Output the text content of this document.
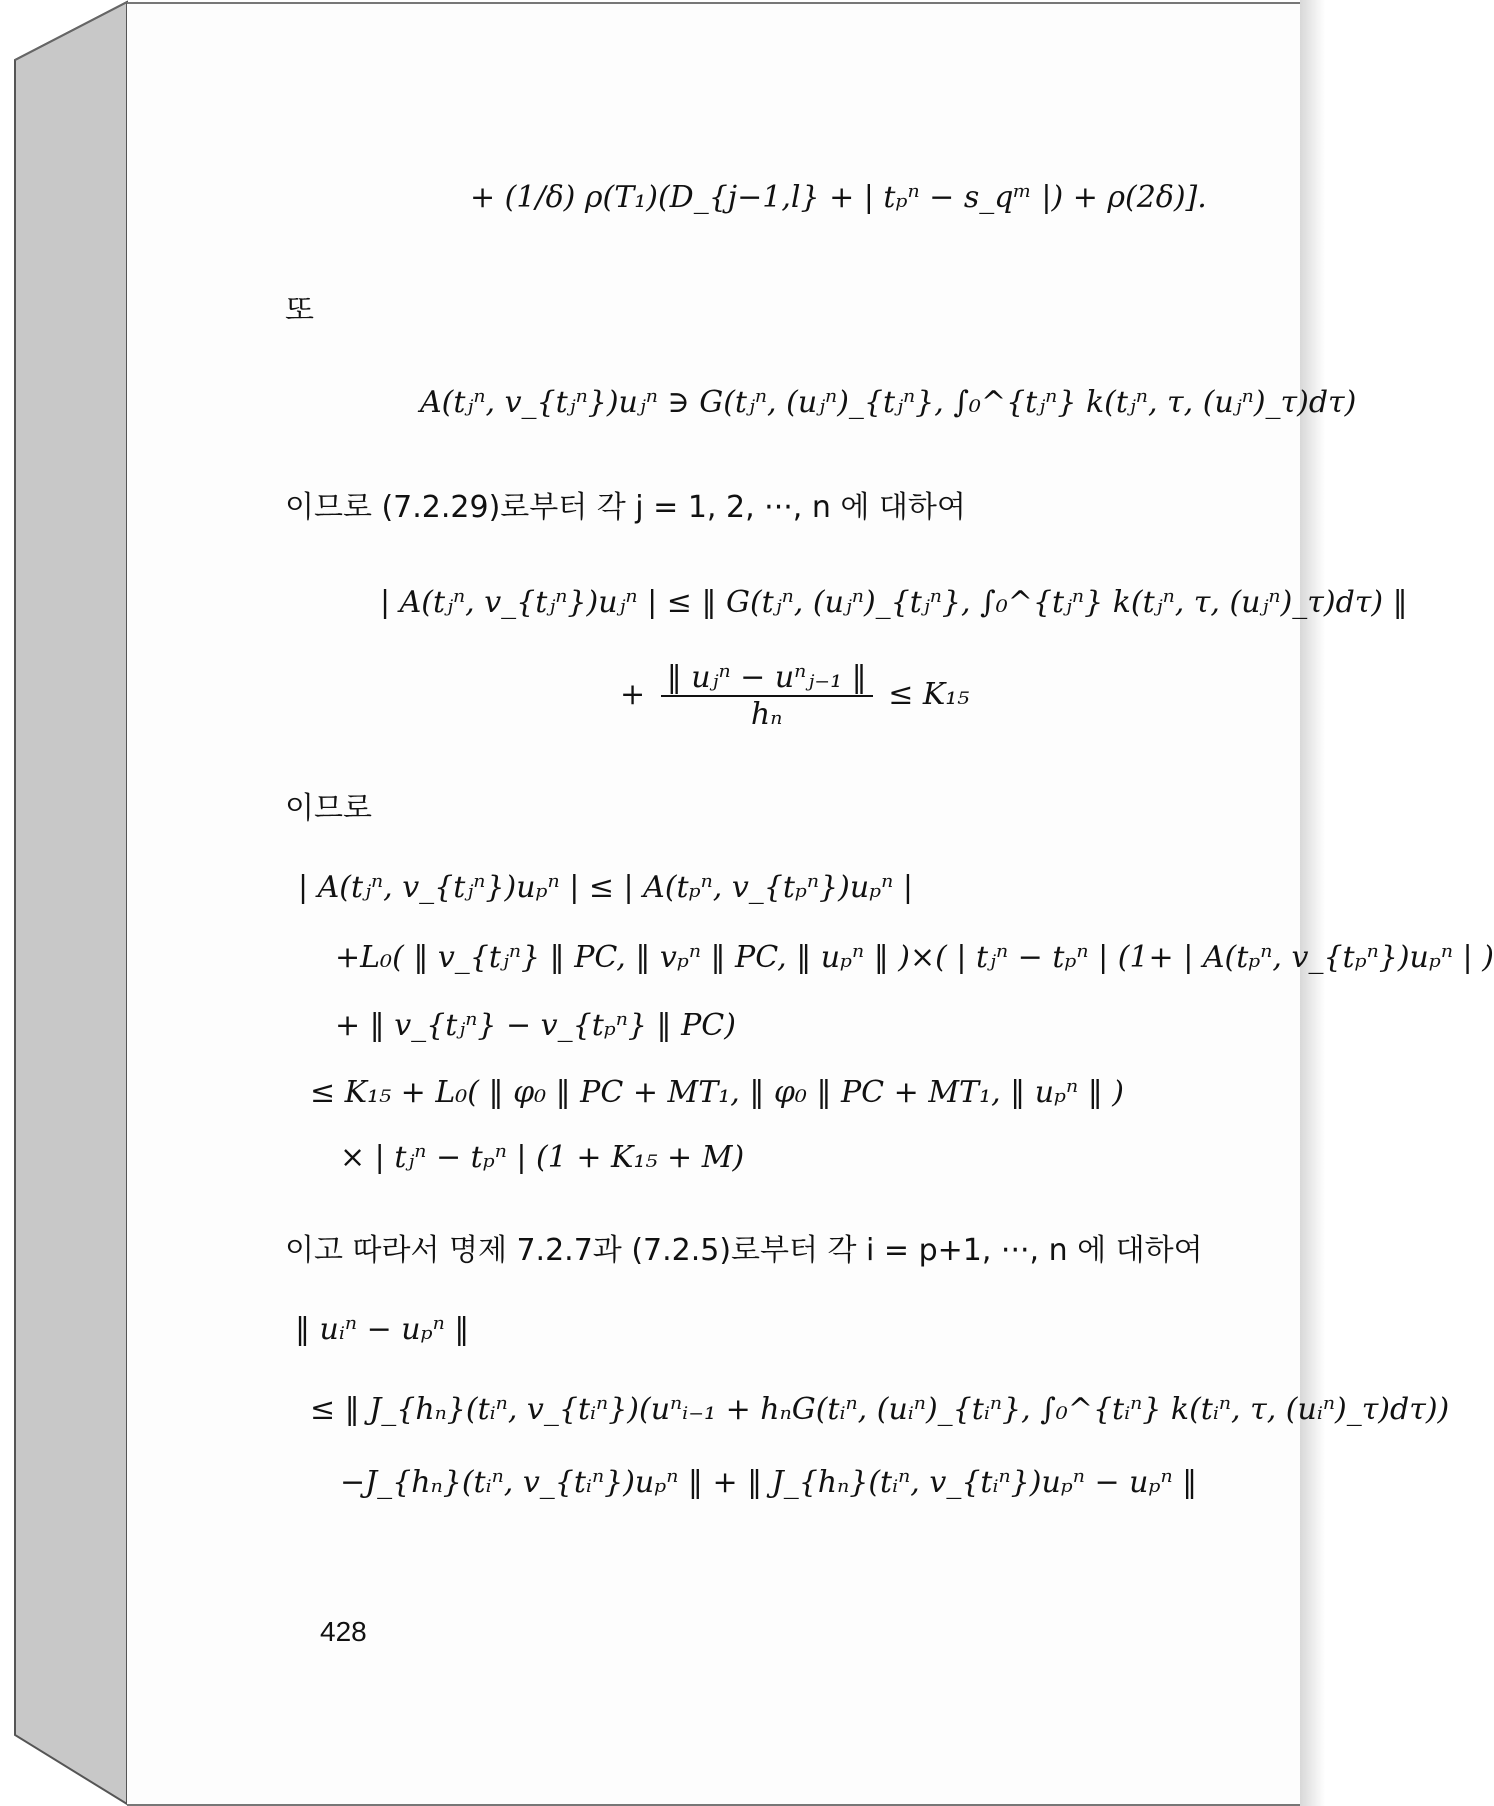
+ (1/δ) ρ(T₁)(D_{j−1,l} + | tₚⁿ − s_qᵐ |) + ρ(2δ)].
또
A(tⱼⁿ, v_{tⱼⁿ})uⱼⁿ ∋ G(tⱼⁿ, (uⱼⁿ)_{tⱼⁿ}, ∫₀^{tⱼⁿ} k(tⱼⁿ, τ, (uⱼⁿ)_τ)dτ)
이므로 (7.2.29)로부터 각 j = 1, 2, ···, n 에 대하여
| A(tⱼⁿ, v_{tⱼⁿ})uⱼⁿ | ≤ ‖ G(tⱼⁿ, (uⱼⁿ)_{tⱼⁿ}, ∫₀^{tⱼⁿ} k(tⱼⁿ, τ, (uⱼⁿ)_τ)dτ) ‖
+ $\frac{\text{‖ uⱼⁿ − uⁿⱼ₋₁ ‖}}{\text{hₙ}} \le K_{15}$
이므로
| A(tⱼⁿ, v_{tⱼⁿ})uₚⁿ | ≤ | A(tₚⁿ, v_{tₚⁿ})uₚⁿ |
+L₀( ‖ v_{tⱼⁿ} ‖ PC, ‖ vₚⁿ ‖ PC, ‖ uₚⁿ ‖ )×( | tⱼⁿ − tₚⁿ | (1+ | A(tₚⁿ, v_{tₚⁿ})uₚⁿ | )
+ ‖ v_{tⱼⁿ} − v_{tₚⁿ} ‖ PC)
≤ K₁₅ + L₀( ‖ φ₀ ‖ PC + MT₁, ‖ φ₀ ‖ PC + MT₁, ‖ uₚⁿ ‖ )
× | tⱼⁿ − tₚⁿ | (1 + K₁₅ + M)
이고 따라서 명제 7.2.7과 (7.2.5)로부터 각 i = p+1, ···, n 에 대하여
‖ uᵢⁿ − uₚⁿ ‖
≤ ‖ J_{hₙ}(tᵢⁿ, v_{tᵢⁿ})(uⁿᵢ₋₁ + hₙG(tᵢⁿ, (uᵢⁿ)_{tᵢⁿ}, ∫₀^{tᵢⁿ} k(tᵢⁿ, τ, (uᵢⁿ)_τ)dτ))
−J_{hₙ}(tᵢⁿ, v_{tᵢⁿ})uₚⁿ ‖ + ‖ J_{hₙ}(tᵢⁿ, v_{tᵢⁿ})uₚⁿ − uₚⁿ ‖
428
